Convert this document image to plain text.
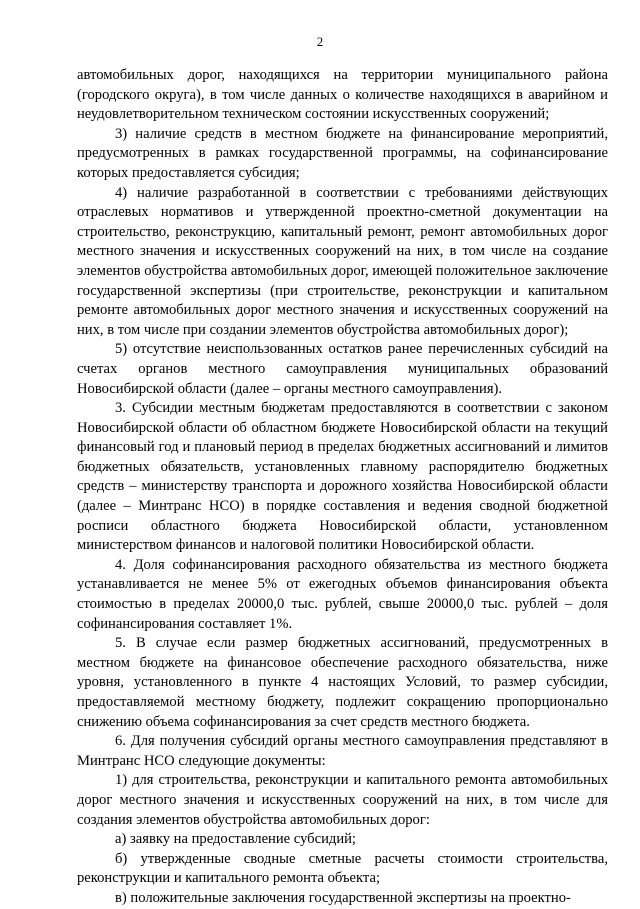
2

автомобильных дорог, находящихся на территории муниципального района (городского округа), в том числе данных о количестве находящихся в аварийном и неудовлетворительном техническом состоянии искусственных сооружений;

3) наличие средств в местном бюджете на финансирование мероприятий, предусмотренных в рамках государственной программы, на софинансирование которых предоставляется субсидия;

4) наличие разработанной в соответствии с требованиями действующих отраслевых нормативов и утвержденной проектно-сметной документации на строительство, реконструкцию, капитальный ремонт, ремонт автомобильных дорог местного значения и искусственных сооружений на них, в том числе на создание элементов обустройства автомобильных дорог, имеющей положительное заключение государственной экспертизы (при строительстве, реконструкции и капитальном ремонте автомобильных дорог местного значения и искусственных сооружений на них, в том числе при создании элементов обустройства автомобильных дорог);

5) отсутствие неиспользованных остатков ранее перечисленных субсидий на счетах органов местного самоуправления муниципальных образований Новосибирской области (далее – органы местного самоуправления).

3. Субсидии местным бюджетам предоставляются в соответствии с законом Новосибирской области об областном бюджете Новосибирской области на текущий финансовый год и плановый период в пределах бюджетных ассигнований и лимитов бюджетных обязательств, установленных главному распорядителю бюджетных средств – министерству транспорта и дорожного хозяйства Новосибирской области (далее – Минтранс НСО) в порядке составления и ведения сводной бюджетной росписи областного бюджета Новосибирской области, установленном министерством финансов и налоговой политики Новосибирской области.

4. Доля софинансирования расходного обязательства из местного бюджета устанавливается не менее 5% от ежегодных объемов финансирования объекта стоимостью в пределах 20000,0 тыс. рублей, свыше 20000,0 тыс. рублей – доля софинансирования составляет 1%.

5. В случае если размер бюджетных ассигнований, предусмотренных в местном бюджете на финансовое обеспечение расходного обязательства, ниже уровня, установленного в пункте 4 настоящих Условий, то размер субсидии, предоставляемой местному бюджету, подлежит сокращению пропорционально снижению объема софинансирования за счет средств местного бюджета.

6. Для получения субсидий органы местного самоуправления представляют в Минтранс НСО следующие документы:

1) для строительства, реконструкции и капитального ремонта автомобильных дорог местного значения и искусственных сооружений на них, в том числе для создания элементов обустройства автомобильных дорог:

а) заявку на предоставление субсидий;

б) утвержденные сводные сметные расчеты стоимости строительства, реконструкции и капитального ремонта объекта;

в) положительные заключения государственной экспертизы на проектно-
